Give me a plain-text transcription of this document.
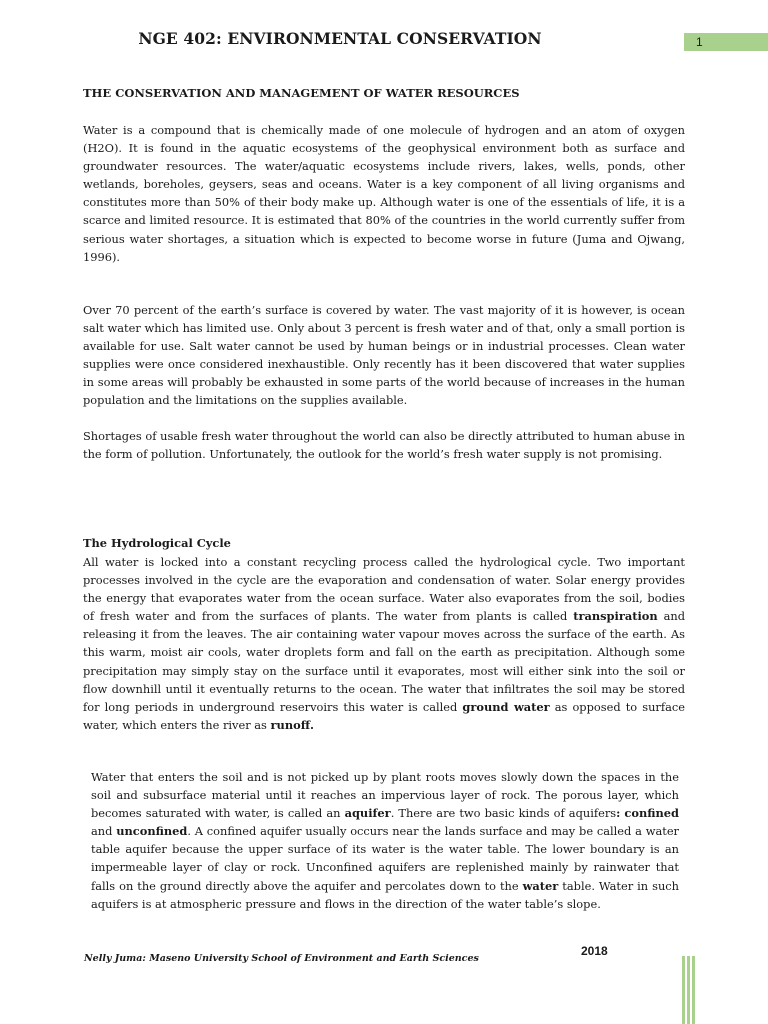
NGE 402: ENVIRONMENTAL CONSERVATION	1
THE CONSERVATION AND MANAGEMENT OF WATER RESOURCES

Water is a compound that is chemically made of one molecule of hydrogen and an atom of oxygen (H2O). It is found in the aquatic ecosystems of the geophysical environment both as surface and groundwater resources. The water/aquatic ecosystems include rivers, lakes, wells, ponds, other wetlands, boreholes, geysers, seas and oceans. Water is a key component of all living organisms and constitutes more than 50% of their body make up. Although water is one of the essentials of life, it is a scarce and limited resource. It is estimated that 80% of the countries in the world currently suffer from serious water shortages, a situation which is expected to become worse in future (Juma and Ojwang, 1996).

Over 70 percent of the earth’s surface is covered by water. The vast majority of it is however, is ocean salt water which has limited use. Only about 3 percent is fresh water and of that, only a small portion is available for use. Salt water cannot be used by human beings or in industrial processes. Clean water supplies were once considered inexhaustible. Only recently has it been discovered that water supplies in some areas will probably be exhausted in some parts of the world because of increases in the human population and the limitations on the supplies available.

Shortages of usable fresh water throughout the world can also be directly attributed to human abuse in the form of pollution. Unfortunately, the outlook for the world’s fresh water supply is not promising.

The Hydrological Cycle

All water is locked into a constant recycling process called the hydrological cycle. Two important processes involved in the cycle are the evaporation and condensation of water. Solar energy provides the energy that evaporates water from the ocean surface. Water also evaporates from the soil, bodies of fresh water and from the surfaces of plants. The water from plants is called transpiration and releasing it from the leaves. The air containing water vapour moves across the surface of the earth. As this warm, moist air cools, water droplets form and fall on the earth as precipitation. Although some precipitation may simply stay on the surface until it evaporates, most will either sink into the soil or flow downhill until it eventually returns to the ocean. The water that infiltrates the soil may be stored for long periods in underground reservoirs this water is called ground water as opposed to surface water, which enters the river as runoff.

Water that enters the soil and is not picked up by plant roots moves slowly down the spaces in the soil and subsurface material until it reaches an impervious layer of rock. The porous layer, which becomes saturated with water, is called an aquifer. There are two basic kinds of aquifers: confined and unconfined. A confined aquifer usually occurs near the lands surface and may be called a water table aquifer because the upper surface of its water is the water table. The lower boundary is an impermeable layer of clay or rock. Unconfined aquifers are replenished mainly by rainwater that falls on the ground directly above the aquifer and percolates down to the water table. Water in such aquifers is at atmospheric pressure and flows in the direction of the water table’s slope.

Nelly Juma: Maseno University School of Environment and Earth Sciences
2018
